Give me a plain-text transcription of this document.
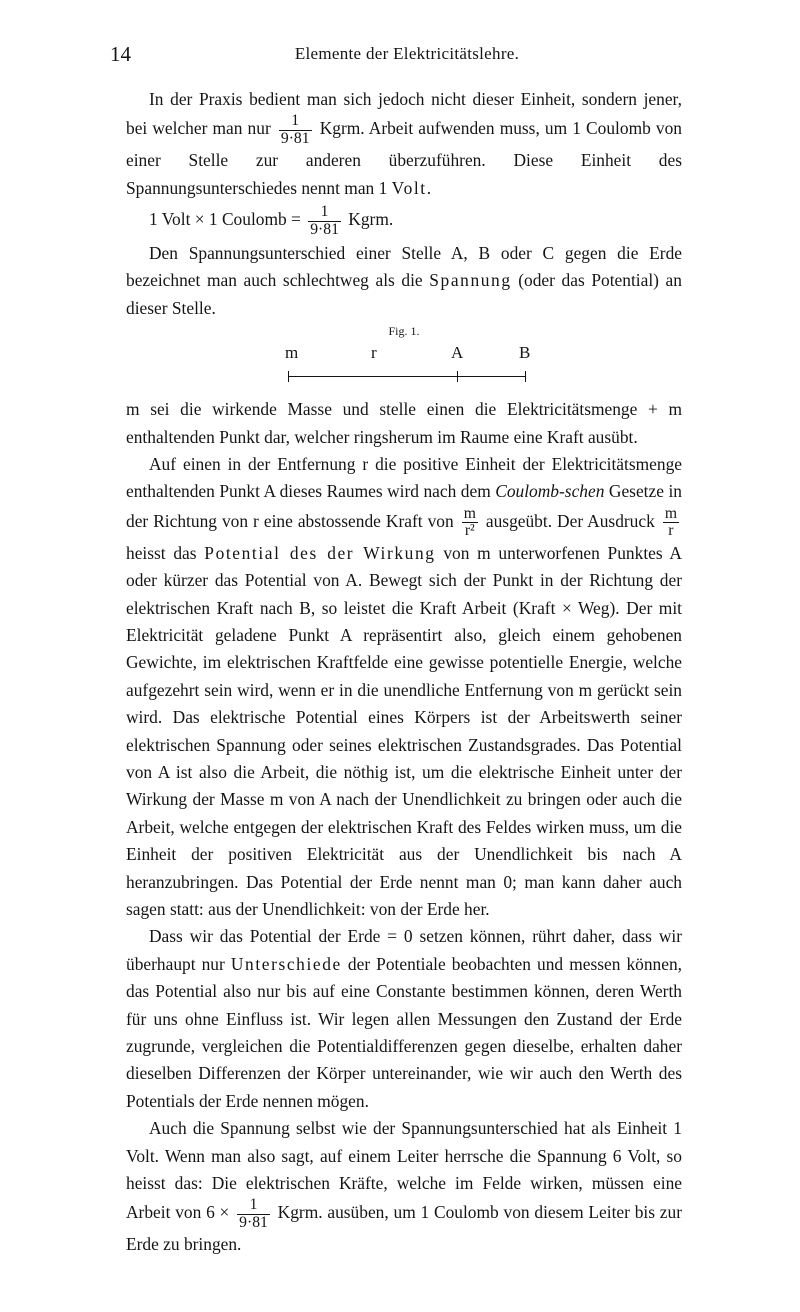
14	Elemente der Elektricitätslehre.

In der Praxis bedient man sich jedoch nicht dieser Einheit, sondern jener, bei welcher man nur $\frac{1}{9\cdot 81}$ Kgrm. Arbeit aufwenden muss, um 1 Coulomb von einer Stelle zur anderen überzuführen. Diese Einheit des Spannungsunterschiedes nennt man 1 Volt.

1 Volt × 1 Coulomb = $\frac{1}{9\cdot 81}$ Kgrm.

Den Spannungsunterschied einer Stelle A, B oder C gegen die Erde bezeichnet man auch schlechtweg als die Spannung (oder das Potential) an dieser Stelle.

Fig. 1.
m	r	A	B

m sei die wirkende Masse und stelle einen die Elektricitätsmenge + m enthaltenden Punkt dar, welcher ringsherum im Raume eine Kraft ausübt.

Auf einen in der Entfernung r die positive Einheit der Elektricitätsmenge enthaltenden Punkt A dieses Raumes wird nach dem Coulomb-schen Gesetze in der Richtung von r eine abstossende Kraft von $\frac{m}{\text{r²}}$ ausgeübt. Der Ausdruck $\frac{m}{r}$
heisst das Potential des der Wirkung von m unterworfenen Punktes A oder kürzer das Potential von A. Bewegt sich der Punkt in der Richtung der elektrischen Kraft nach B, so leistet die Kraft Arbeit (Kraft × Weg). Der mit Elektricität geladene Punkt A repräsentirt also, gleich einem gehobenen Gewichte, im elektrischen Kraftfelde eine gewisse potentielle Energie, welche aufgezehrt sein wird, wenn er in die unendliche Entfernung von m gerückt sein wird. Das elektrische Potential eines Körpers ist der Arbeitswerth seiner elektrischen Spannung oder seines elektrischen Zustandsgrades. Das Potential von A ist also die Arbeit, die nöthig ist, um die elektrische Einheit unter der Wirkung der Masse m von A nach der Unendlichkeit zu bringen oder auch die Arbeit, welche entgegen der elektrischen Kraft des Feldes wirken muss, um die Einheit der positiven Elektricität aus der Unendlichkeit bis nach A heranzubringen. Das Potential der Erde nennt man 0; man kann daher auch sagen statt: aus der Unendlichkeit: von der Erde her.

Dass wir das Potential der Erde = 0 setzen können, rührt daher, dass wir überhaupt nur Unterschiede der Potentiale beobachten und messen können, das Potential also nur bis auf eine Constante bestimmen können, deren Werth für uns ohne Einfluss ist. Wir legen allen Messungen den Zustand der Erde zugrunde, vergleichen die Potentialdifferenzen gegen dieselbe, erhalten daher dieselben Differenzen der Körper untereinander, wie wir auch den Werth des Potentials der Erde nennen mögen.

Auch die Spannung selbst wie der Spannungsunterschied hat als Einheit 1 Volt. Wenn man also sagt, auf einem Leiter herrsche die Spannung 6 Volt, so heisst das: Die elektrischen Kräfte, welche im Felde wirken, müssen eine Arbeit von $6 \times \frac{1}{9\cdot 81}$ Kgrm. ausüben, um 1 Coulomb von diesem Leiter bis zur Erde zu bringen.
